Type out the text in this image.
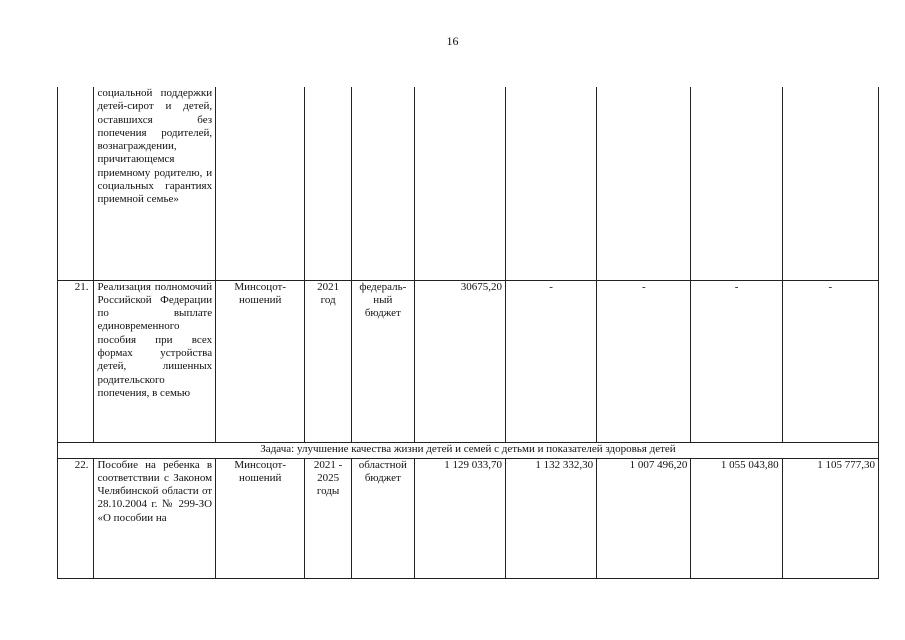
16
	социальной поддержки детей-сирот и детей, оставшихся без попечения родителей, вознаграждении, причитающемся приемному родителю, и социальных гарантиях приемной семье»								
21.	Реализация полномочий Российской Федерации по выплате единовременного пособия при всех формах устройства детей, лишенных родительского попечения, в семью	Минсоцот-ношений	2021 год	федераль-ный бюджет	30675,20	-	-	-	-
Задача: улучшение качества жизни детей и семей с детьми и показателей здоровья детей									
22.	Пособие на ребенка в соответствии с Законом Челябинской области от 28.10.2004 г. № 299-ЗО «О пособии на	Минсоцот-ношений	2021 - 2025 годы	областной бюджет	1 129 033,70	1 132 332,30	1 007 496,20	1 055 043,80	1 105 777,30
